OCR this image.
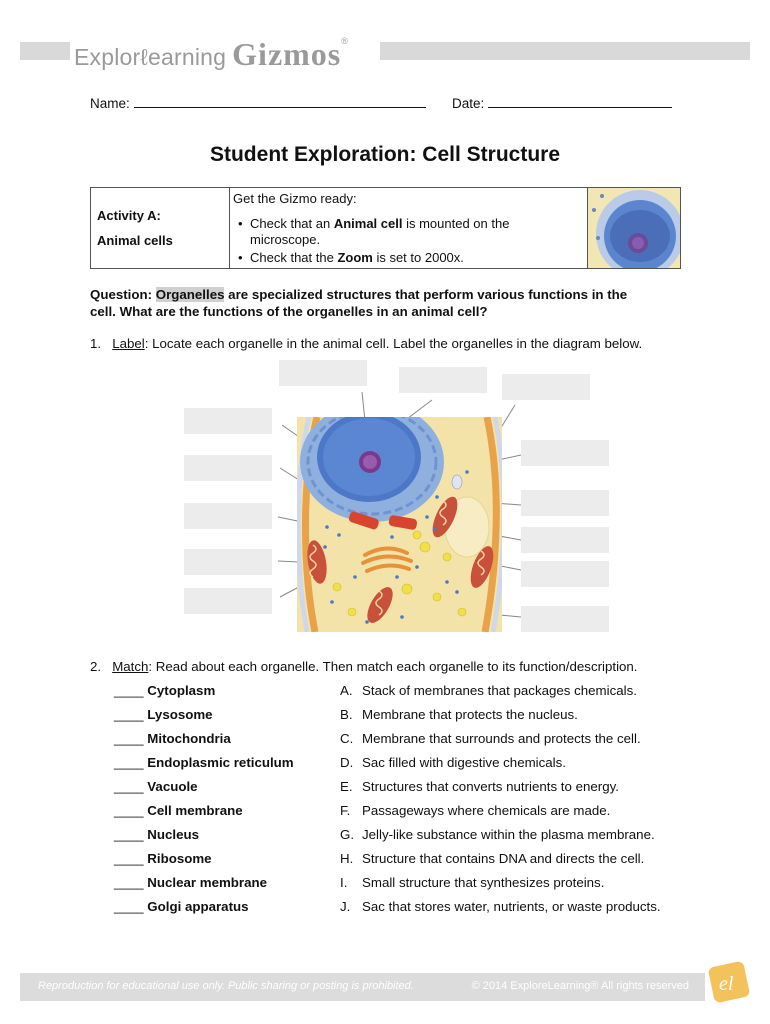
Explorℓearning Gizmos®
Name:	Date:
Student Exploration: Cell Structure
Activity A:
Animal cells
Get the Gizmo ready:
• Check that an Animal cell is mounted on the
microscope.
• Check that the Zoom is set to 2000x.
Question: Organelles are specialized structures that perform various functions in the
cell. What are the functions of the organelles in an animal cell?
1. Label: Locate each organelle in the animal cell. Label the organelles in the diagram below.
2. Match: Read about each organelle. Then match each organelle to its function/description.
____ Cytoplasm	A. Stack of membranes that packages chemicals.
____ Lysosome	B. Membrane that protects the nucleus.
____ Mitochondria	C. Membrane that surrounds and protects the cell.
____ Endoplasmic reticulum	D. Sac filled with digestive chemicals.
____ Vacuole	E. Structures that converts nutrients to energy.
____ Cell membrane	F. Passageways where chemicals are made.
____ Nucleus	G. Jelly-like substance within the plasma membrane.
____ Ribosome	H. Structure that contains DNA and directs the cell.
____ Nuclear membrane	I.	Small structure that synthesizes proteins.
____ Golgi apparatus	J. Sac that stores water, nutrients, or waste products.
Reproduction for educational use only. Public sharing or posting is prohibited.	© 2014 ExploreLearning® All rights reserved el
